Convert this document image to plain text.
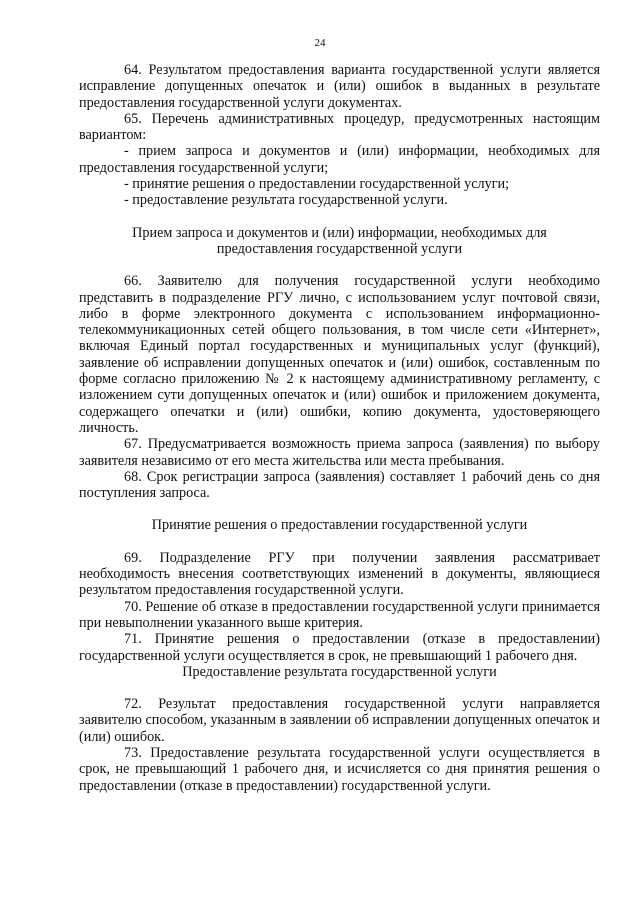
24

64. Результатом предоставления варианта государственной услуги является исправление допущенных опечаток и (или) ошибок в выданных в результате предоставления государственной услуги документах.

65. Перечень административных процедур, предусмотренных настоящим вариантом:

- прием запроса и документов и (или) информации, необходимых для предоставления государственной услуги;

- принятие решения о предоставлении государственной услуги;

- предоставление результата государственной услуги.

Прием запроса и документов и (или) информации, необходимых для предоставления государственной услуги

66. Заявителю для получения государственной услуги необходимо представить в подразделение РГУ лично, с использованием услуг почтовой связи, либо в форме электронного документа с использованием информационно-телекоммуникационных сетей общего пользования, в том числе сети «Интернет», включая Единый портал государственных и муниципальных услуг (функций), заявление об исправлении допущенных опечаток и (или) ошибок, составленным по форме согласно приложению № 2 к настоящему административному регламенту, с изложением сути допущенных опечаток и (или) ошибок и приложением документа, содержащего опечатки и (или) ошибки, копию документа, удостоверяющего личность.

67. Предусматривается возможность приема запроса (заявления) по выбору заявителя независимо от его места жительства или места пребывания.

68. Срок регистрации запроса (заявления) составляет 1 рабочий день со дня поступления запроса.

Принятие решения о предоставлении государственной услуги

69. Подразделение РГУ при получении заявления рассматривает необходимость внесения соответствующих изменений в документы, являющиеся результатом предоставления государственной услуги.

70. Решение об отказе в предоставлении государственной услуги принимается при невыполнении указанного выше критерия.

71. Принятие решения о предоставлении (отказе в предоставлении) государственной услуги осуществляется в срок, не превышающий 1 рабочего дня.

Предоставление результата государственной услуги

72. Результат предоставления государственной услуги направляется заявителю способом, указанным в заявлении об исправлении допущенных опечаток и (или) ошибок.

73. Предоставление результата государственной услуги осуществляется в срок, не превышающий 1 рабочего дня, и исчисляется со дня принятия решения о предоставлении (отказе в предоставлении) государственной услуги.
